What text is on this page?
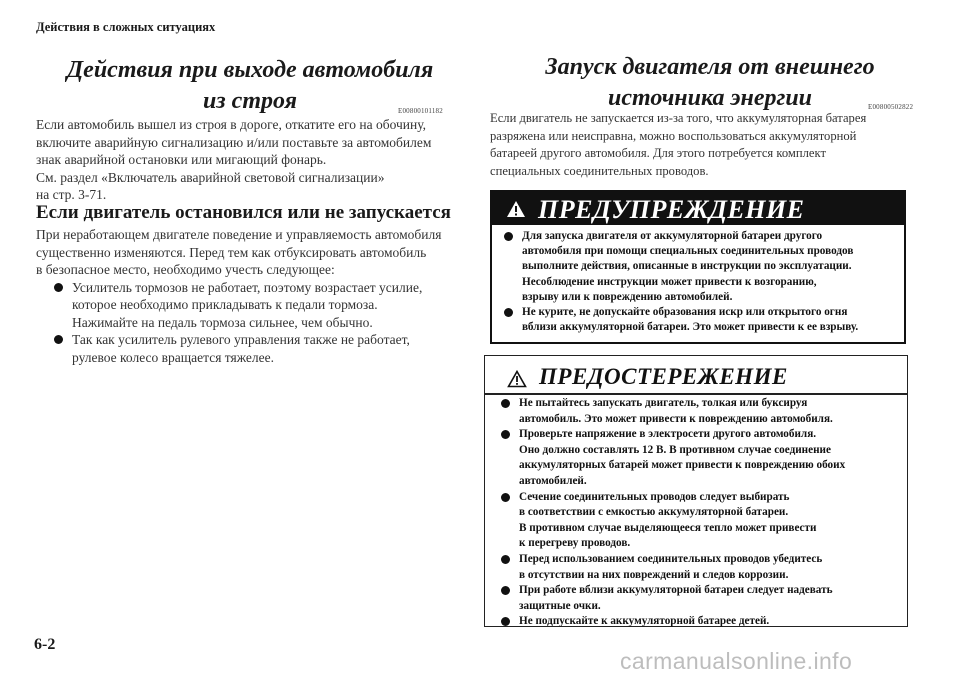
Действия в сложных ситуациях
Действия при выходе автомобиля
из строя	E00800101182
Если автомобиль вышел из строя в дороге, откатите его на обочину,
включите аварийную сигнализацию и/или поставьте за автомобилем
знак аварийной остановки или мигающий фонарь.
См. раздел «Включатель аварийной световой сигнализации»
на стр. 3-71.
Если двигатель остановился или не запускается
При неработающем двигателе поведение и управляемость автомобиля
существенно изменяются. Перед тем как отбуксировать автомобиль
в безопасное место, необходимо учесть следующее:
Усилитель тормозов не работает, поэтому возрастает усилие,
которое необходимо прикладывать к педали тормоза.
Нажимайте на педаль тормоза сильнее, чем обычно.
Так как усилитель рулевого управления также не работает,
рулевое колесо вращается тяжелее.
Запуск двигателя от внешнего
источника энергии	E00800502822
Если двигатель не запускается из-за того, что аккумуляторная батарея
разряжена или неисправна, можно воспользоваться аккумуляторной
батареей другого автомобиля. Для этого потребуется комплект
специальных соединительных проводов.
ПРЕДУПРЕЖДЕНИЕ
Для запуска двигателя от аккумуляторной батареи другого
автомобиля при помощи специальных соединительных проводов
выполните действия, описанные в инструкции по эксплуатации.
Несоблюдение инструкции может привести к возгоранию,
взрыву или к повреждению автомобилей.
Не курите, не допускайте образования искр или открытого огня
вблизи аккумуляторной батареи. Это может привести к ее взрыву.
ПРЕДОСТЕРЕЖЕНИЕ
Не пытайтесь запускать двигатель, толкая или буксируя
автомобиль. Это может привести к повреждению автомобиля.
Проверьте напряжение в электросети другого автомобиля.
Оно должно составлять 12 В. В противном случае соединение
аккумуляторных батарей может привести к повреждению обоих
автомобилей.
Сечение соединительных проводов следует выбирать
в соответствии с емкостью аккумуляторной батареи.
В противном случае выделяющееся тепло может привести
к перегреву проводов.
Перед использованием соединительных проводов убедитесь
в отсутствии на них повреждений и следов коррозии.
При работе вблизи аккумуляторной батареи следует надевать
защитные очки.
Не подпускайте к аккумуляторной батарее детей.
6-2
carmanualsonline.info
